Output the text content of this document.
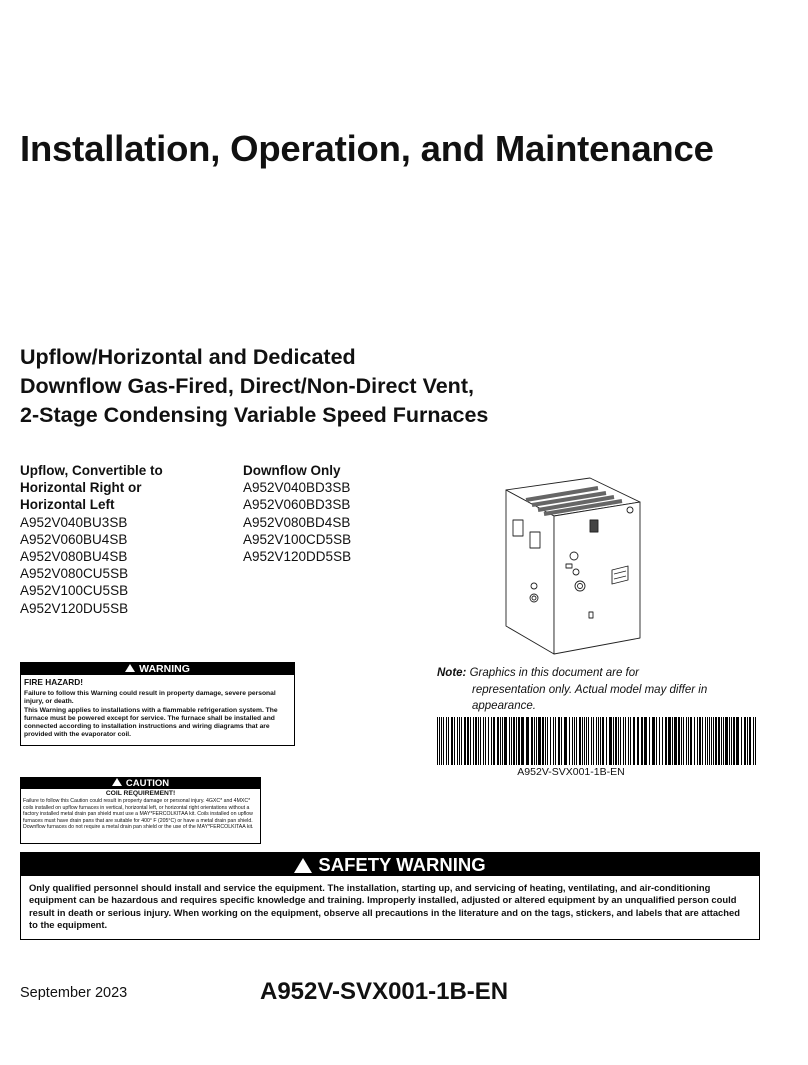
Installation, Operation, and Maintenance
Upflow/Horizontal and Dedicated
Downflow Gas-Fired, Direct/Non-Direct Vent,
2-Stage Condensing Variable Speed Furnaces
Upflow, Convertible to
Horizontal Right or
Horizontal Left
A952V040BU3SB
A952V060BU4SB
A952V080BU4SB
A952V080CU5SB
A952V100CU5SB
A952V120DU5SB
Downflow Only
A952V040BD3SB
A952V060BD3SB
A952V080BD4SB
A952V100CD5SB
A952V120DD5SB
Note: Graphics in this document are for
representation only. Actual model may differ in
appearance.
A952V-SVX001-1B-EN
WARNING
FIRE HAZARD!
Failure to follow this Warning could result in property damage, severe personal injury, or death.
This Warning applies to installations with a flammable refrigeration system. The furnace must be powered except for service. The furnace shall be installed and connected according to installation instructions and wiring diagrams that are provided with the evaporator coil.
CAUTION
COIL REQUIREMENT!
Failure to follow this Caution could result in property damage or personal injury. 4GXC* and 4MXC* coils installed on upflow furnaces in vertical, horizontal left, or horizontal right orientations without a factory installed metal drain pan shield must use a MAY*FERCOLKITAA kit. Coils installed on upflow furnaces must have drain pans that are suitable for 400° F (205°C) or have a metal drain pan shield. Downflow furnaces do not require a metal drain pan shield or the use of the MAY*FERCOLKITAA kit.
SAFETY WARNING
Only qualified personnel should install and service the equipment. The installation, starting up, and servicing of heating, ventilating, and air-conditioning equipment can be hazardous and requires specific knowledge and training. Improperly installed, adjusted or altered equipment by an unqualified person could result in death or serious injury. When working on the equipment, observe all precautions in the literature and on the tags, stickers, and labels that are attached to the equipment.
September 2023	A952V-SVX001-1B-EN
